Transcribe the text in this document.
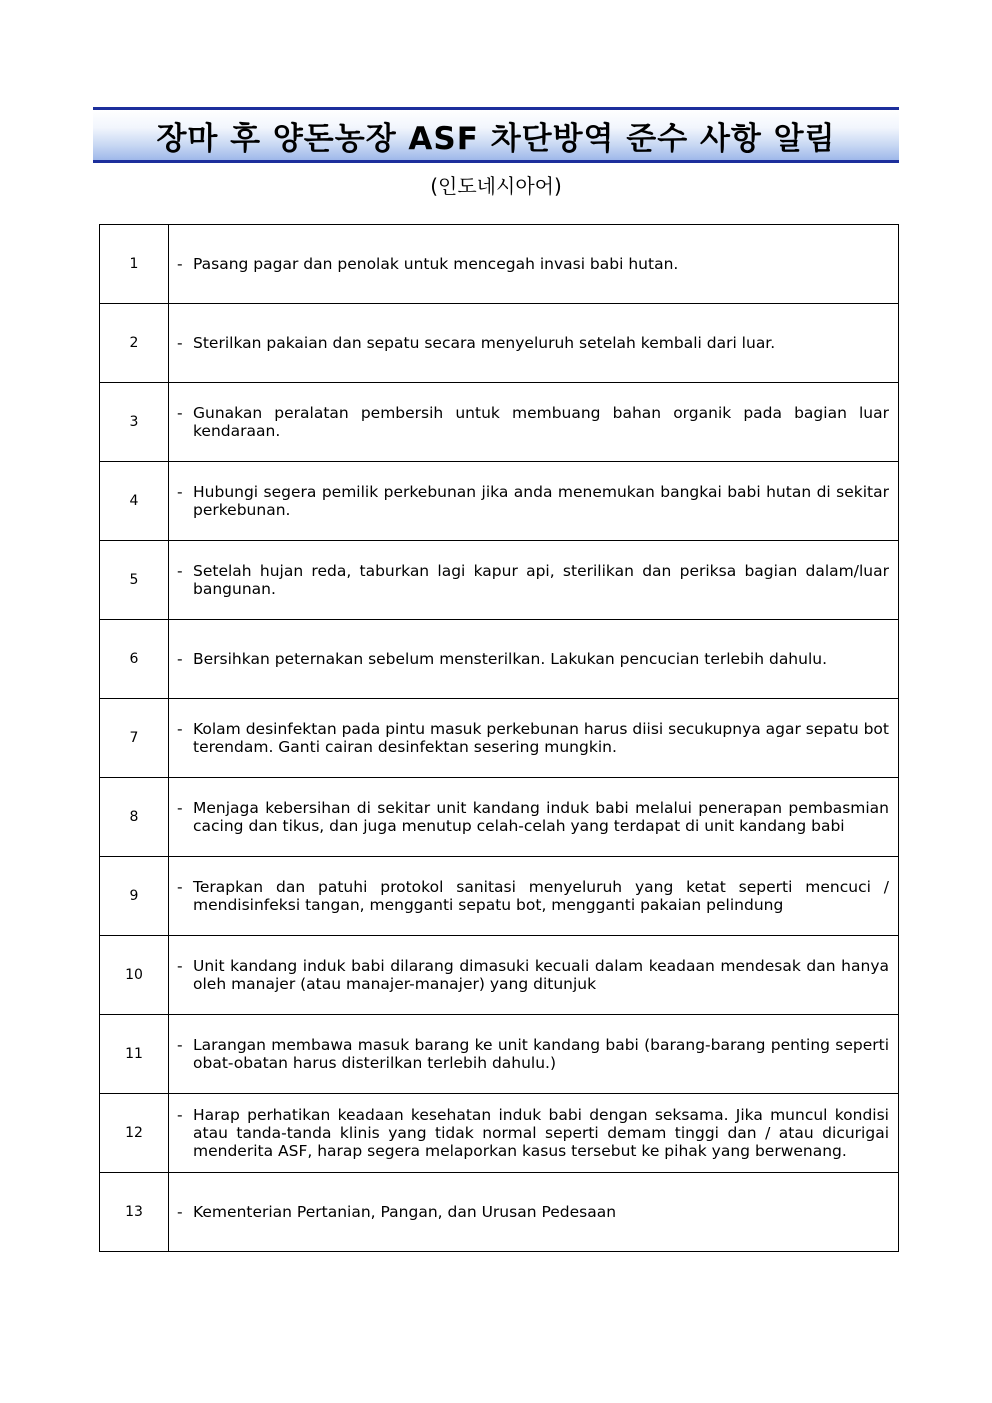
장마 후 양돈농장 ASF 차단방역 준수 사항 알림
(인도네시아어)
1	- Pasang pagar dan penolak untuk mencegah invasi babi hutan.

2	- Sterilkan pakaian dan sepatu secara menyeluruh setelah kembali dari luar.

3	- Gunakan peralatan pembersih untuk membuang bahan organik pada bagian luar kendaraan.

4	- Hubungi segera pemilik perkebunan jika anda menemukan bangkai babi hutan di sekitar perkebunan.

5	- Setelah hujan reda, taburkan lagi kapur api, sterilikan dan periksa bagian dalam/luar bangunan.

6	- Bersihkan peternakan sebelum mensterilkan. Lakukan pencucian terlebih dahulu.

7	- Kolam desinfektan pada pintu masuk perkebunan harus diisi secukupnya agar sepatu bot terendam. Ganti cairan desinfektan sesering mungkin.

8	- Menjaga kebersihan di sekitar unit kandang induk babi melalui penerapan pembasmian cacing dan tikus, dan juga menutup celah-celah yang terdapat di unit kandang babi

9	- Terapkan dan patuhi protokol sanitasi menyeluruh yang ketat seperti mencuci / mendisinfeksi tangan, mengganti sepatu bot, mengganti pakaian pelindung

10	- Unit kandang induk babi dilarang dimasuki kecuali dalam keadaan mendesak dan hanya oleh manajer (atau manajer-manajer) yang ditunjuk

11	- Larangan membawa masuk barang ke unit kandang babi (barang-barang penting seperti obat-obatan harus disterilkan terlebih dahulu.)

12	- Harap perhatikan keadaan kesehatan induk babi dengan seksama. Jika muncul kondisi atau tanda-tanda klinis yang tidak normal seperti demam tinggi dan / atau dicurigai menderita ASF, harap segera melaporkan kasus tersebut ke pihak yang berwenang.

13	- Kementerian Pertanian, Pangan, dan Urusan Pedesaan
